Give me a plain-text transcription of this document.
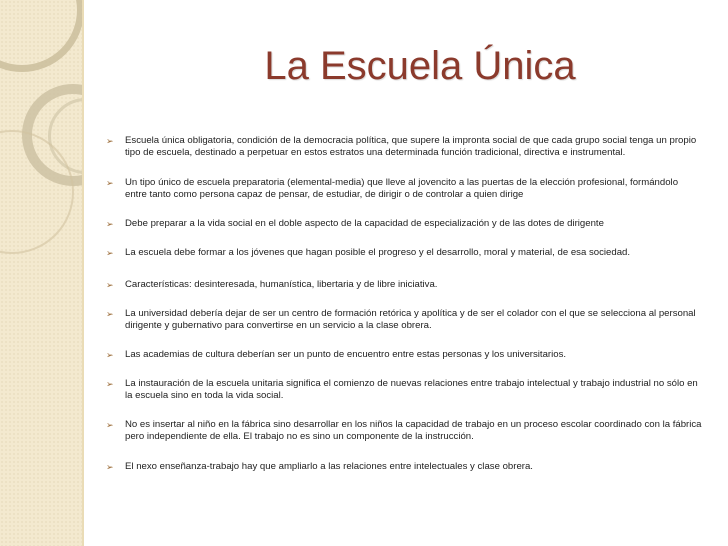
La Escuela Única
➢ Escuela única obligatoria, condición de la democracia política, que supere la impronta social de que cada grupo social tenga un propio tipo de escuela, destinado a perpetuar en estos estratos una determinada función tradicional, directiva e instrumental.
➢ Un tipo único de escuela preparatoria (elemental-media) que lleve al jovencito a las puertas de la elección profesional, formándolo entre tanto como persona capaz de pensar, de estudiar, de dirigir o de controlar a quien dirige
➢ Debe preparar a la vida social en el doble aspecto de la capacidad de especialización y de las dotes de dirigente
➢ La escuela debe formar a los jóvenes que hagan posible el progreso y el desarrollo, moral y material, de esa sociedad.
➢ Características: desinteresada, humanística, libertaria y de libre iniciativa.
➢ La universidad debería dejar de ser un centro de formación retórica y apolítica y de ser el colador con el que se selecciona al personal dirigente y gubernativo para convertirse en un servicio a la clase obrera.
➢ Las academias de cultura deberían ser un punto de encuentro entre estas personas y los universitarios.
➢ La instauración de la escuela unitaria significa el comienzo de nuevas relaciones entre trabajo intelectual y trabajo industrial no sólo en la escuela sino en toda la vida social.
➢ No es insertar al niño en la fábrica sino desarrollar en los niños la capacidad de trabajo en un proceso escolar coordinado con la fábrica pero independiente de ella. El trabajo no es sino un componente de la instrucción.
➢ El nexo enseñanza-trabajo hay que ampliarlo a las relaciones entre intelectuales y clase obrera.
